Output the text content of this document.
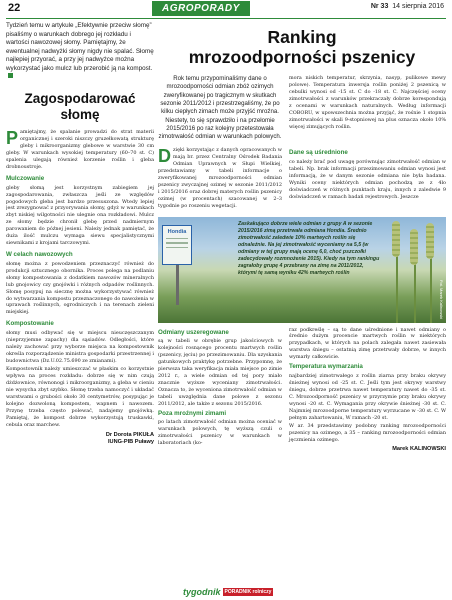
22	AGROPORADY	Nr 33 14 sierpnia 2016
Tydzień temu w artykule „Efektywnie przeciw słomę” pisaliśmy o warunkach dobrego jej rozkładu i wartości nawozowej słomy. Pamiętajmy, że ewentualnej nadwyżki słomy nigdy nie spalać. Słomę najlepiej przyorać, a przy jej nadwyżce można wykorzystać jako mulcz lub przerobić ją na kompost.
Zagospodarować słomę

Pamiętajmy, że spalanie prowadzi do strat materii organicznej i szeroki niszczy gruzełkowatą strukturę gleby i mikroorganizmy glebowe w warstwie 30 cm gleby. W warunkach wysokiej temperatury (60–70 st. C) spalenia ulegają również korzenie roślin i gleba drobnoustroje.

Mulczowanie

gleby słomą jest korzystnym zabiegiem jej zagospodarowania, zwłaszcza jeśli ze względów pogodowych gleba jest bardzo przesuszona. Wtedy lepiej jest zrezygnować z przyorywania słomy, gdyż w warunkach zbyt niskiej wilgotności nie ulegnie ona rozkładowi. Mulcz ze słomy będzie chronił glebę przed nadmiernym parowaniem do późnej jesieni. Należy jednak pamiętać, że duża ilość mulczu wymaga siewu specjalistycznymi siewnikami z krojami tarczowymi.

W celach nawozowych

słomę można z powodzeniem przeznaczyć również do produkcji sztucznego obornika. Proces polega na podlaniu słomy kompostowania z dodatkiem nawozów mineralnych lub gnojowicy czy gnojówki i różnych odpadów roślinnych. Słomę posypuj na siecznę można wykorzystywać również do wytwarzania kompostu przeznaczonego do nawożenia w uprawach roślinnych, ogrodniczych i na terenach zieleni miejskiej.

Kompostowanie

słomy musi odbywać się w miejscu nieuczęszczanym (nieprzyjemne zapachy) dla sąsiadów. Odległości, które należy zachować przy wyborze miejsca na kompostownik określa rozporządzenie ministra gospodarki przestrzennej i budownictwa (Dz.U.02.75.690 ze zmianami).

Kompostownik należy umieszczać w płaskim co korzystnie wpływa na proces rozkładu: dobrze się w nim czują dżdżownice, równonogi i mikroorganizmy, a gleba w cieniu nie wysycha zbyt szybko. Słomę trzeba namoczyć i układać warstwami o grubości około 30 centymetrów, posypując je kolejno dozwoloną kompostem, wapnem i nawozem. Przynę trzeba często polewać, nadajemy gnojówką. Pamiętaj, że kompost dobrze wykorzystują truskawki, cebula oraz marchew.

Dr Dorota PIKUŁA
IUNG-PIB Puławy
Ranking
mrozoodporności pszenicy
Rok temu przypominaliśmy dane o mrozoodporności odmian zbóż ozimych zweryfikowanej po tragicznym w skutkach sezonie 2011/2012 i przestrzegaliśmy, że po kilku ciepłych zimach może przyjść mroźna. Niestety, to się sprawdziło i na przełomie 2015/2016 po raz kolejny przetestowała zimotrwałość odmian w warunkach polowych.
mora niskich temperatur, skrzynia, nasyp, pulikowe mewy polowe). Temperatura inwersja roślin poniżej 2 pszenicą w cebulki wynosi od -15 st. C do -18 st. C. Najczęściej oceny zimotrwałości z warunków przekraczały dobrze korespondują z ocenami w warunkach naturalnych. Według informacji COBORU, w upowszechnia można przyjąć, że rośnie 1 stopnia zimotrwałości w skali 9-stopniowej na plus oznacza około 10% więcej zimujących roślin.

Dzięki korzystając z danych opracowanych w mają br. przez Centralny Ośrodek Badania Odmian Uprawnych w Słupi Wielkiej, przedstawiamy w tabeli informacje o zweryfikowanej mrozoodporności odmian pszenicy zwyczajnej ozimej w sezonie 2011/2012 i 2015/2016 oraz dobrej materych roślin pszenicy ozimej (w procentach) szacowanej w 2–3 tygodnie po roszeniu wegetacji.

Dane są uśrednione

co należy brać pod uwagę porównując zimotrwałość odmian w tabeli. Np. brak informacji przezimowaniu odmian wynosi jest informacją, że w danym sezonie odmiana nie była badana. Wyniki oceny niektórych odmian pochodzą ze z 4lo doświadczeń w różnych punktach kraju, innych z zaledwie 9 doświadczeń w ramach badań rejestrowych. Jeszcze

Hondia
Zaskakująco dobrze wiele odmian z grupy A w sezonie 2015/2016 zimą przetrwała odmiana Hondia. Średnio zimotrwałość zaledwie 10% martwych roślin się odnaleźnie. Na jej zimotrwałość wyceniamy na 5,5 (w odmiany w tej grupy mają ocenę 6,0, choć pszczołki zadecydowały rozmnożenie 2015). Kiedy na tym rankingu zagrałoby grupę 4 przebrany na zimę na 2011/2012, którymi tę samą wyniku 42% martwych roślin
Fot. Marek Kalinowski
Odmiany uszeregowane

są w tabeli w obrębie grup jakościowych w kolejności rosnącego procentu martwych roślin (pszenicy, jęciu) po przezimowaniu. Dla uzyskania gatunkowych praktykę potrzebne. Przypomnę, że pierwsza taka weryfikacja miała miejsce po zimie 2012 r., a wiele odmian od tej pory miało znacznie wyższe wyceniany zimotrwałości. Oznacza to, że wyceniona zimotrwałość odmian w tabeli uwzględnia dane polowe z sezonu 2011/2012, ale także z sezonu 2015/2016.

Poza mroźnymi zimami

po latach zimotrwałość odmian można oceniać w warunkach polowych, tę wyższą czuli o zimotrwałości pszenicy w warunkach w laboratoriach (ko-

raz podkreślę – są to dane uśrednione i nawet odmiany o średnio dużym procencie martwych roślin w niektórych przypadkach, w których na polach zalegała nawet zasiewała warstwa śniegu – ostatnią zimę przetrwały dobrze, w innych wymarły całkowicie.

Temperatura wymarzania

najbardziej zimotrwałego z roślin ziarna przy braku okrywy śnieżnej wynosi od -25 st. C. Jeśli tym jest okrywy warstwy śniegu, dobrze przetrwa nawet temperatury nawet do -35 st. C. Mrozoodporność pszenicy w przyrzymie przy braku okrywy wynosi -20 st. C. Wymagania przy okrywie śnieżnej -30 st. C. Najmniej mrozoodporne temperatury wyrzucane w -30 st. C. W pełnym zahartowaniu, W ramach -20 st.

W ar. 34 przedstawimy podobny ranking mrozoodporności pszenicy na ozimego, a 35 – ranking mrozoodporności odmian jęczmienia ozimego.

Marek KALINOWSKI
tygodnik PORADNIK rolniczy
